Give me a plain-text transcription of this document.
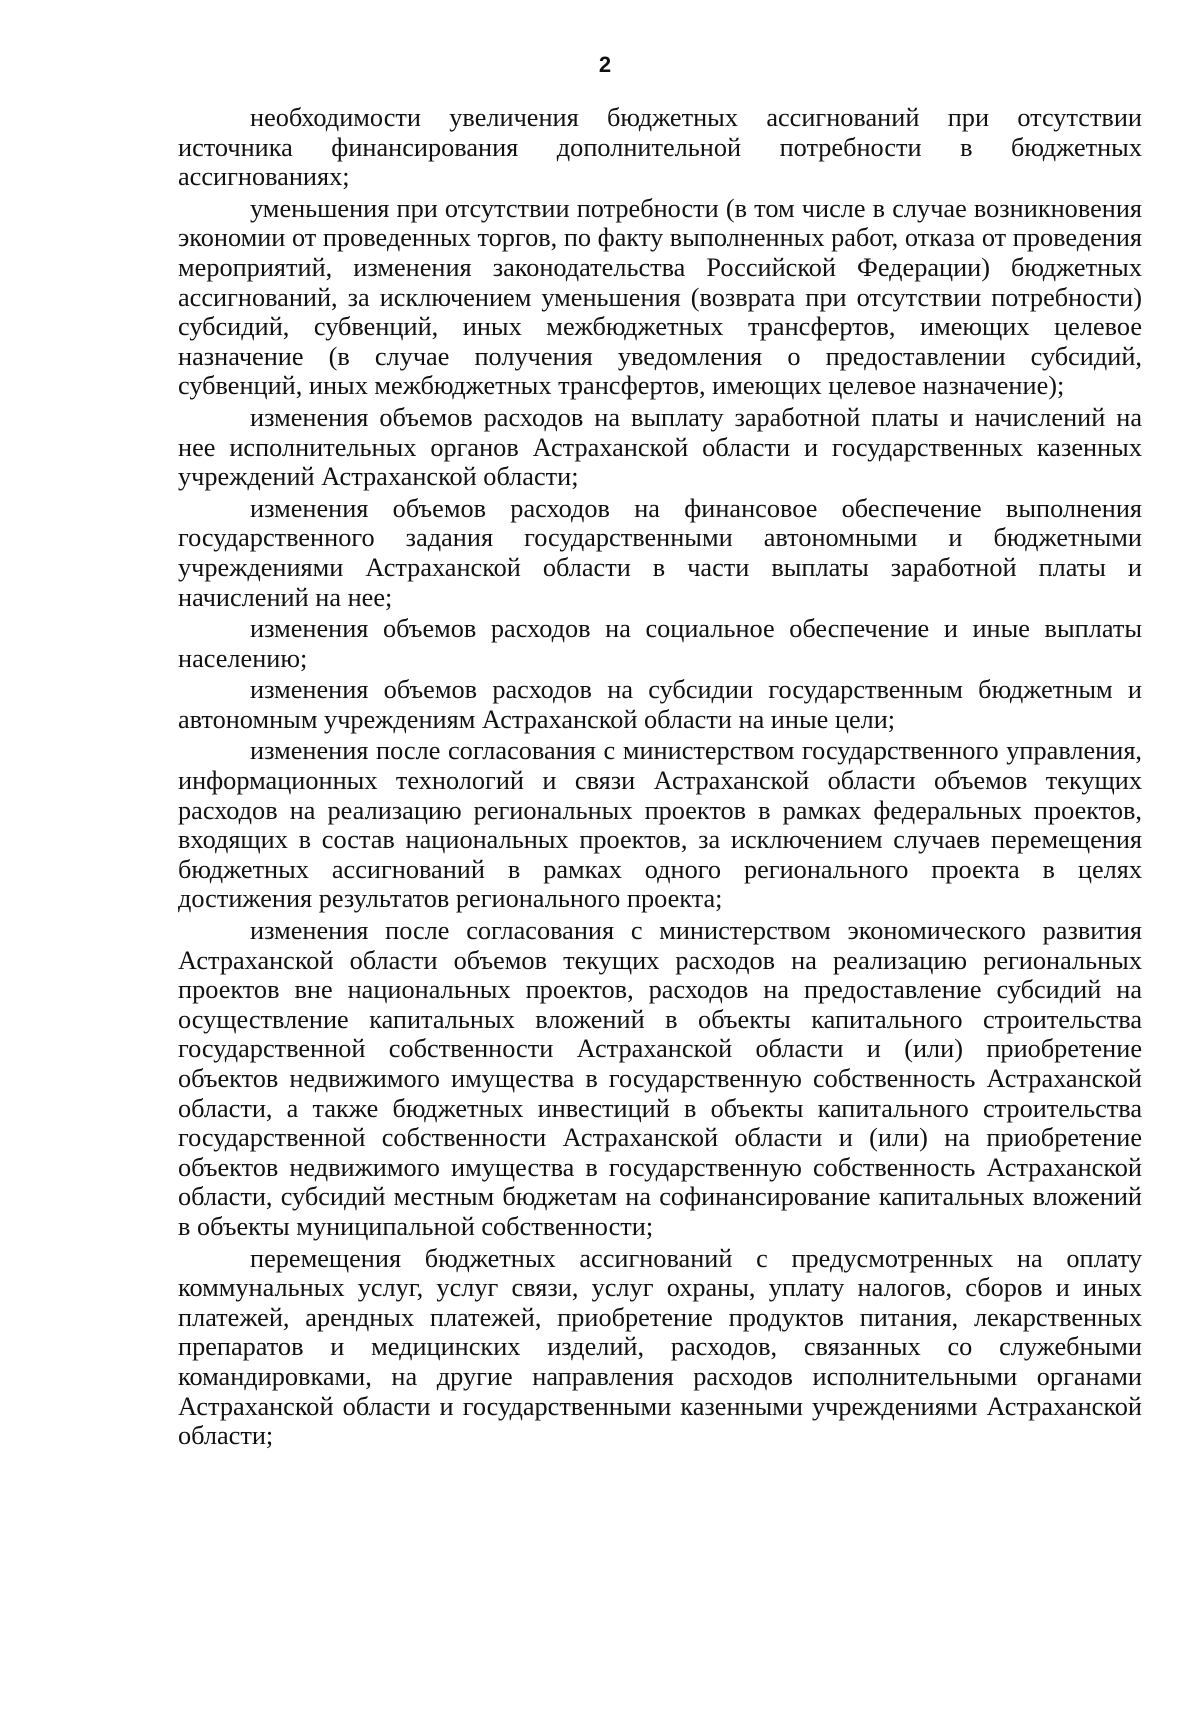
2

необходимости увеличения бюджетных ассигнований при отсутствии источника финансирования дополнительной потребности в бюджетных ассигнованиях;

уменьшения при отсутствии потребности (в том числе в случае возникновения экономии от проведенных торгов, по факту выполненных работ, отказа от проведения мероприятий, изменения законодательства Российской Федерации) бюджетных ассигнований, за исключением уменьшения (возврата при отсутствии потребности) субсидий, субвенций, иных межбюджетных трансфертов, имеющих целевое назначение (в случае получения уведомления о предоставлении субсидий, субвенций, иных межбюджетных трансфертов, имеющих целевое назначение);

изменения объемов расходов на выплату заработной платы и начислений на нее исполнительных органов Астраханской области и государственных казенных учреждений Астраханской области;

изменения объемов расходов на финансовое обеспечение выполнения государственного задания государственными автономными и бюджетными учреждениями Астраханской области в части выплаты заработной платы и начислений на нее;

изменения объемов расходов на социальное обеспечение и иные выплаты населению;

изменения объемов расходов на субсидии государственным бюджетным и автономным учреждениям Астраханской области на иные цели;

изменения после согласования с министерством государственного управления, информационных технологий и связи Астраханской области объемов текущих расходов на реализацию региональных проектов в рамках федеральных проектов, входящих в состав национальных проектов, за исключением случаев перемещения бюджетных ассигнований в рамках одного регионального проекта в целях достижения результатов регионального проекта;

изменения после согласования с министерством экономического развития Астраханской области объемов текущих расходов на реализацию региональных проектов вне национальных проектов, расходов на предоставление субсидий на осуществление капитальных вложений в объекты капитального строительства государственной собственности Астраханской области и (или) приобретение объектов недвижимого имущества в государственную собственность Астраханской области, а также бюджетных инвестиций в объекты капитального строительства государственной собственности Астраханской области и (или) на приобретение объектов недвижимого имущества в государственную собственность Астраханской области, субсидий местным бюджетам на софинансирование капитальных вложений в объекты муниципальной собственности;

перемещения бюджетных ассигнований с предусмотренных на оплату коммунальных услуг, услуг связи, услуг охраны, уплату налогов, сборов и иных платежей, арендных платежей, приобретение продуктов питания, лекарственных препаратов и медицинских изделий, расходов, связанных со служебными командировками, на другие направления расходов исполнительными органами Астраханской области и государственными казенными учреждениями Астраханской области;
